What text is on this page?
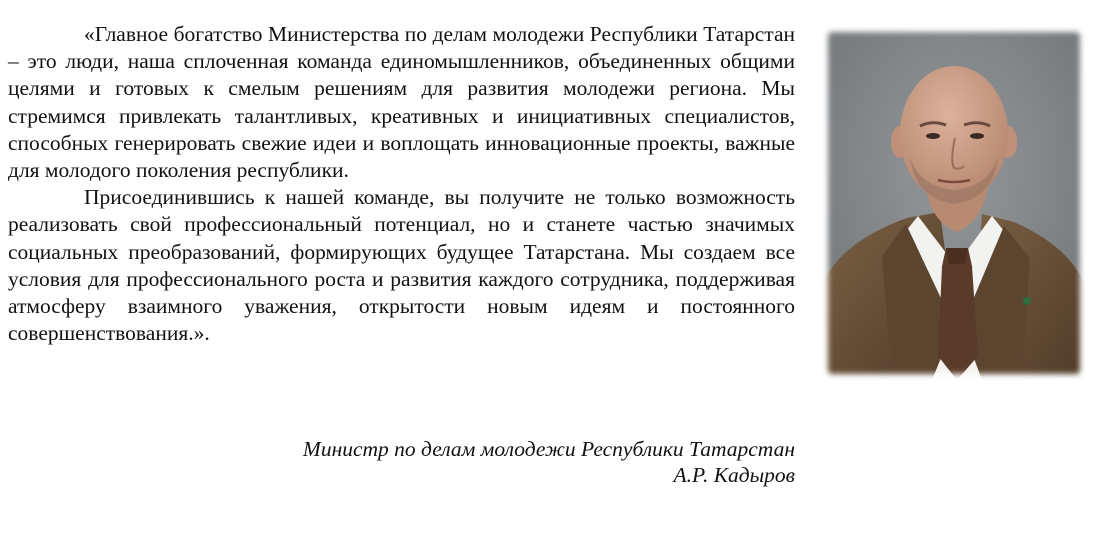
«Главное богатство Министерства по делам молодежи Республики Татарстан – это люди, наша сплоченная команда единомышленников, объединенных общими целями и готовых к смелым решениям для развития молодежи региона. Мы стремимся привлекать талантливых, креативных и инициативных специалистов, способных генерировать свежие идеи и воплощать инновационные проекты, важные для молодого поколения республики.

Присоединившись к нашей команде, вы получите не только возможность реализовать свой профессиональный потенциал, но и станете частью значимых социальных преобразований, формирующих будущее Татарстана. Мы создаем все условия для профессионального роста и развития каждого сотрудника, поддерживая атмосферу взаимного уважения, открытости новым идеям и постоянного совершенствования.».

Министр по делам молодежи Республики Татарстан
А.Р. Кадыров
